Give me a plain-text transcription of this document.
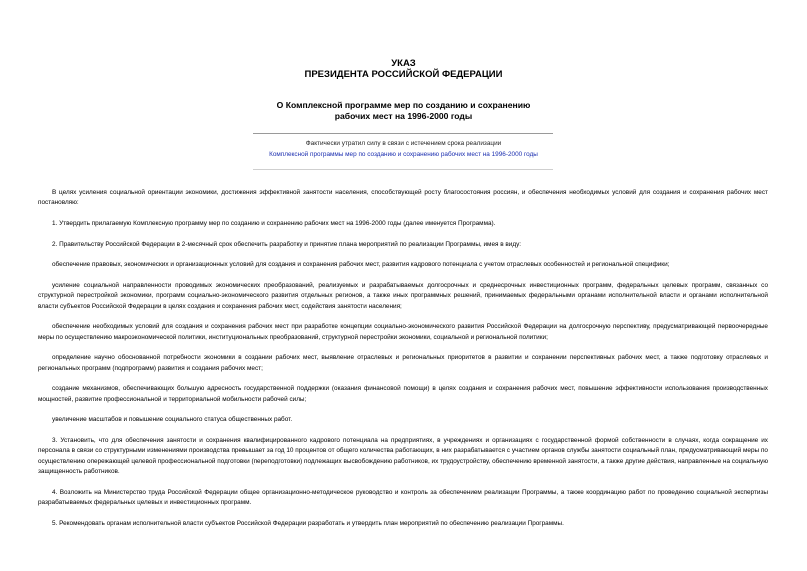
УКАЗ
ПРЕЗИДЕНТА РОССИЙСКОЙ ФЕДЕРАЦИИ
О Комплексной программе мер по созданию и сохранению
рабочих мест на 1996-2000 годы
Фактически утратил силу в связи с истечением срока реализации
Комплексной программы мер по созданию и сохранению рабочих мест на 1996-2000 годы

В целях усиления социальной ориентации экономики, достижения эффективной занятости населения, способствующей росту благосостояния россиян, и обеспечения необходимых условий для создания и сохранения рабочих мест постановляю:

1. Утвердить прилагаемую Комплексную программу мер по созданию и сохранению рабочих мест на 1996-2000 годы (далее именуется Программа).

2. Правительству Российской Федерации в 2-месячный срок обеспечить разработку и принятие плана мероприятий по реализации Программы, имея в виду:

обеспечение правовых, экономических и организационных условий для создания и сохранения рабочих мест, развития кадрового потенциала с учетом отраслевых особенностей и региональной специфики;

усиление социальной направленности проводимых экономических преобразований, реализуемых и разрабатываемых долгосрочных и среднесрочных инвестиционных программ, федеральных целевых программ, связанных со структурной перестройкой экономики, программ социально-экономического развития отдельных регионов, а также иных программных решений, принимаемых федеральными органами исполнительной власти и органами исполнительной власти субъектов Российской Федерации в целях создания и сохранения рабочих мест, содействия занятости населения;

обеспечение необходимых условий для создания и сохранения рабочих мест при разработке концепции социально-экономического развития Российской Федерации на долгосрочную перспективу, предусматривающей первоочередные меры по осуществлению макроэкономической политики, институциональных преобразований, структурной перестройки экономики, социальной и региональной политики;

определение научно обоснованной потребности экономики в создании рабочих мест, выявление отраслевых и региональных приоритетов в развитии и сохранении перспективных рабочих мест, а также подготовку отраслевых и региональных программ (подпрограмм) развития и создания рабочих мест;

создание механизмов, обеспечивающих большую адресность государственной поддержки (оказания финансовой помощи) в целях создания и сохранения рабочих мест, повышение эффективности использования производственных мощностей, развитие профессиональной и территориальной мобильности рабочей силы;

увеличение масштабов и повышение социального статуса общественных работ.

3. Установить, что для обеспечения занятости и сохранения квалифицированного кадрового потенциала на предприятиях, в учреждениях и организациях с государственной формой собственности в случаях, когда сокращение их персонала в связи со структурными изменениями производства превышает за год 10 процентов от общего количества работающих, в них разрабатывается с участием органов службы занятости социальный план, предусматривающий меры по осуществлению опережающей целевой профессиональной подготовки (переподготовки) подлежащих высвобождению работников, их трудоустройству, обеспечению временной занятости, а также другие действия, направленные на социальную защищенность работников.

4. Возложить на Министерство труда Российской Федерации общее организационно-методическое руководство и контроль за обеспечением реализации Программы, а также координацию работ по проведению социальной экспертизы разрабатываемых федеральных целевых и инвестиционных программ.

5. Рекомендовать органам исполнительной власти субъектов Российской Федерации разработать и утвердить план мероприятий по обеспечению реализации Программы.
